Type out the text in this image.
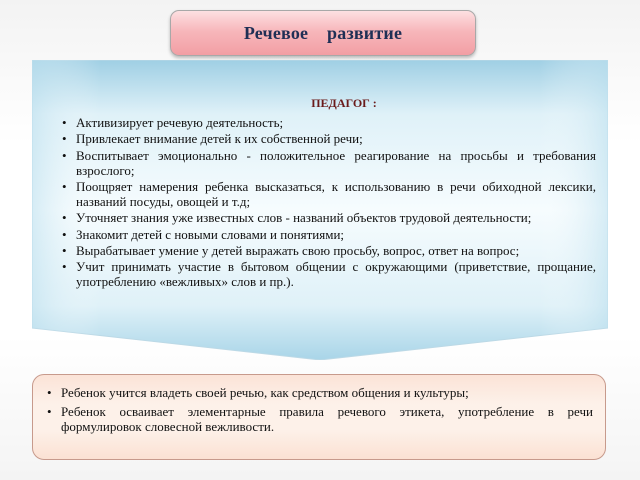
Речевое    развитие
ПЕДАГОГ :
• Активизирует речевую деятельность;
• Привлекает внимание детей к их собственной речи;
• Воспитывает эмоционально - положительное реагирование на просьбы и требования взрослого;
• Поощряет намерения ребенка высказаться, к использованию в речи обиходной лексики, названий посуды, овощей и т.д;
• Уточняет знания уже известных слов - названий объектов трудовой деятельности;
• Знакомит детей с новыми словами и понятиями;
• Вырабатывает умение у детей выражать свою просьбу, вопрос, ответ на вопрос;
• Учит принимать участие в бытовом общении с окружающими (приветствие, прощание, употреблению «вежливых» слов и пр.).
• Ребенок учится владеть своей речью, как средством общения и культуры;
• Ребенок осваивает элементарные правила речевого этикета, употребление в речи формулировок словесной вежливости.
